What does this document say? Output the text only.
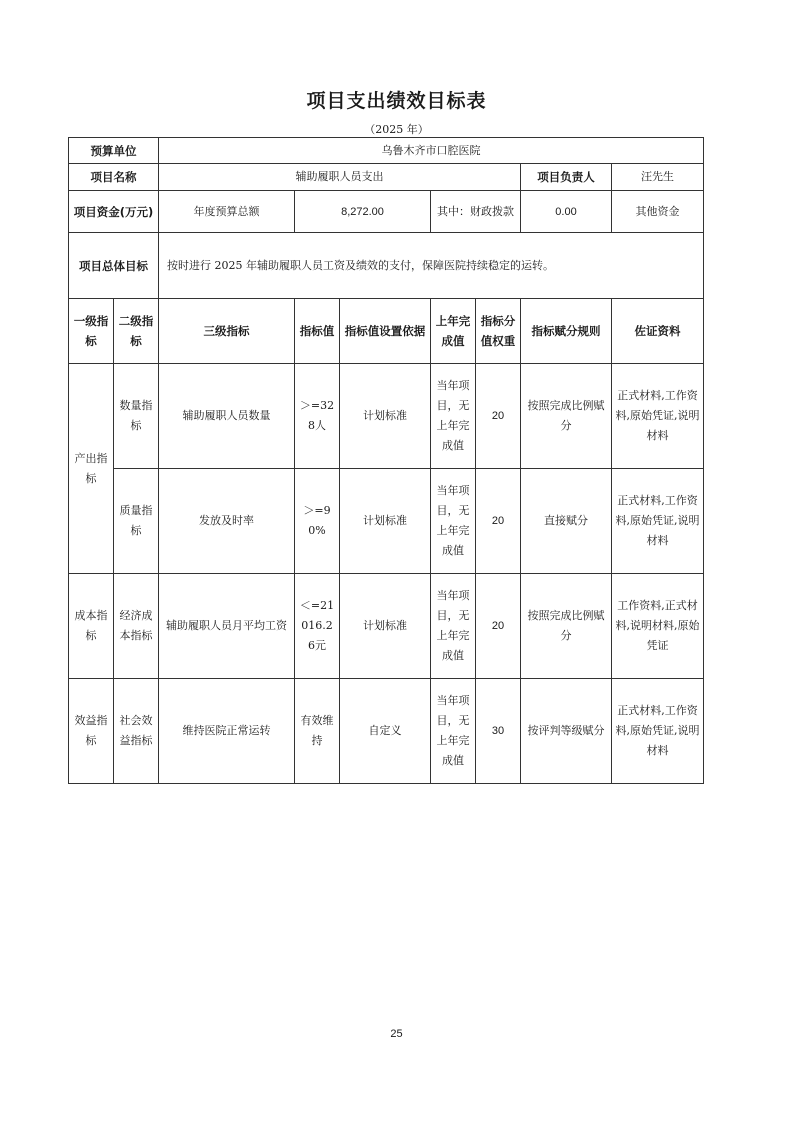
项目支出绩效目标表
（2025 年）
预算单位		乌鲁木齐市口腔医院							
项目名称		辅助履职人员支出					项目负责人	汪先生	
项目资金(万元)		年度预算总额	8,272.00		其中：财政拨款		0.00	其他资金	
项目总体目标		按时进行 2025 年辅助履职人员工资及绩效的支付，保障医院持续稳定的运转。							
一级指标	二级指标	三级指标	指标值	指标值设置依据	上年完成值	指标分值权重	指标赋分规则	佐证资料	
产出指标	数量指标	辅助履职人员数量	＞=328人	计划标准	当年项目，无上年完成值	20	按照完成比例赋分	正式材料,工作资料,原始凭证,说明材料	
	质量指标	发放及时率	＞=90%	计划标准	当年项目，无上年完成值	20	直接赋分	正式材料,工作资料,原始凭证,说明材料	
成本指标	经济成本指标	辅助履职人员月平均工资	＜=21016.26元	计划标准	当年项目，无上年完成值	20	按照完成比例赋分	工作资料,正式材料,说明材料,原始凭证	
效益指标	社会效益指标	维持医院正常运转	有效维持	自定义	当年项目，无上年完成值	30	按评判等级赋分	正式材料,工作资料,原始凭证,说明材料	
25
